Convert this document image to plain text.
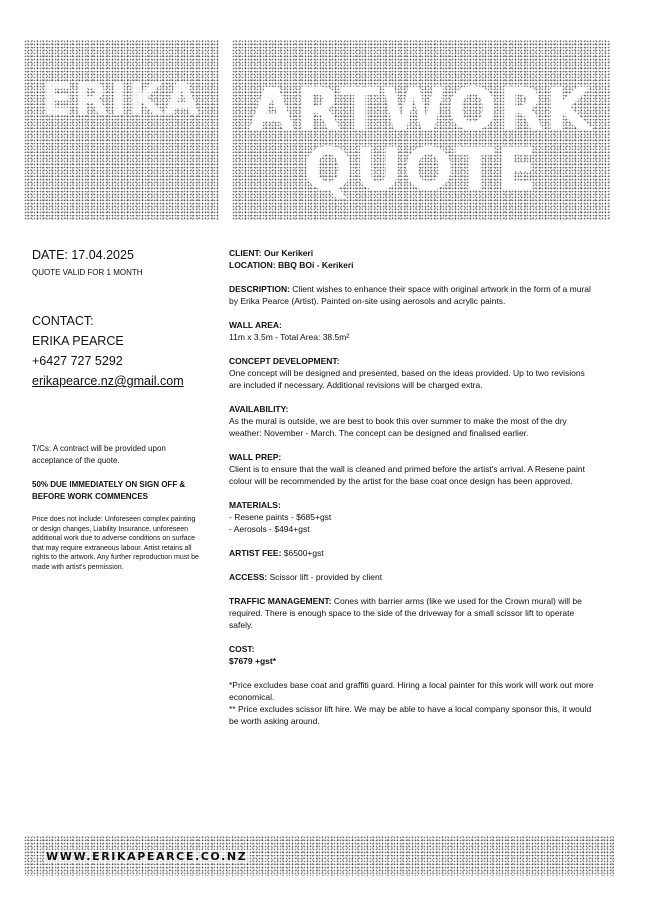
ERIKA ARTWORK
QUOTE

DATE: 17.04.2025

QUOTE VALID FOR 1 MONTH

CONTACT:

ERIKA PEARCE

+6427 727 5292

erikapearce.nz@gmail.com

T/Cs: A contract will be provided upon acceptance of the quote.

50% DUE IMMEDIATELY ON SIGN OFF & BEFORE WORK COMMENCES

Price does not include: Unforeseen complex painting or design changes, Liability Insurance, unforeseen additional work due to adverse conditions on surface that may require extraneous labour. Artist retains all rights to the artwork. Any further reproduction must be made with artist's permission.

CLIENT: Our Kerikeri

LOCATION: BBQ BOi - Kerikeri

DESCRIPTION: Client wishes to enhance their space with original artwork in the form of a mural by Erika Pearce (Artist). Painted on-site using aerosols and acrylic paints.

WALL AREA:

11m x 3.5m - Total Area: 38.5m²

CONCEPT DEVELOPMENT:

One concept will be designed and presented, based on the ideas provided. Up to two revisions are included if necessary. Additional revisions will be charged extra.

AVAILABILITY:

As the mural is outside, we are best to book this over summer to make the most of the dry weather: November - March. The concept can be designed and finalised earlier.

WALL PREP:

Client is to ensure that the wall is cleaned and primed before the artist's arrival. A Resene paint colour will be recommended by the artist for the base coat once design has been approved.

MATERIALS:

- Resene paints - $685+gst

- Aerosols - $494+gst

ARTIST FEE: $6500+gst

ACCESS: Scissor lift - provided by client

TRAFFIC MANAGEMENT: Cones with barrier arms (like we used for the Crown mural) will be required. There is enough space to the side of the driveway for a small scissor lift to operate safely.

COST:

$7679 +gst*

*Price excludes base coat and graffiti guard. Hiring a local painter for this work will work out more economical.

** Price excludes scissor lift hire. We may be able to have a local company sponsor this, it would be worth asking around.

WWW.ERIKAPEARCE.CO.NZ
